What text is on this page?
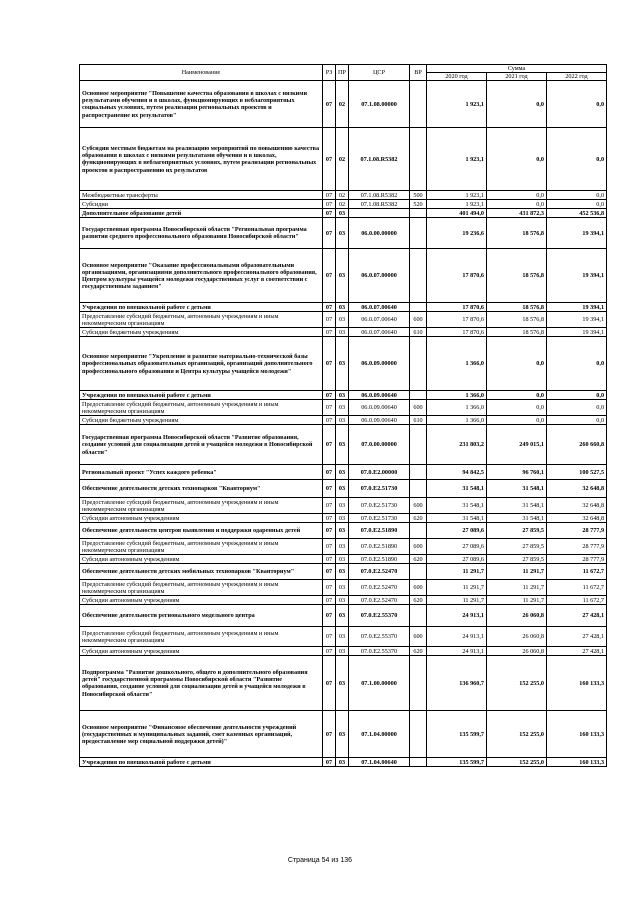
Наименование	РЗ	ПР	ЦСР	ВР	Сумма		
					2020 год	2021 год	2022 год
Основное мероприятие "Повышение качества образования в школах с низкими результатами обучения и в школах, функционирующих в неблагоприятных социальных условиях, путем реализации региональных проектов и распространение их результатов"	07	02	07.1.08.00000		1 923,1	0,0	0,0
Субсидии местным бюджетам на реализацию мероприятий по повышению качества образования в школах с низкими результатами обучения и в школах, функционирующих в неблагоприятных условиях, путем реализации региональных проектов и распространению их результатов	07	02	07.1.08.R5382		1 923,1	0,0	0,0
Межбюджетные трансферты	07	02	07.1.08.R5382	500	1 923,1	0,0	0,0
Субсидии	07	02	07.1.08.R5382	520	1 923,1	0,0	0,0
Дополнительное образование детей	07	03			401 494,0	431 872,3	452 536,8
Государственная программа Новосибирской области "Региональная программа развития среднего профессионального образования Новосибирской области"	07	03	06.0.00.00000		19 236,6	18 576,8	19 394,1
Основное мероприятие "Оказание профессиональными образовательными организациями, организациями дополнительного профессионального образования, Центром культуры учащейся молодежи государственных услуг в соответствии с государственным заданием"	07	03	06.0.07.00000		17 870,6	18 576,8	19 394,1
Учреждения по внешкольной работе с детьми	07	03	06.0.07.00640		17 870,6	18 576,8	19 394,1
Предоставление субсидий бюджетным, автономным учреждениям и иным некоммерческим организациям	07	03	06.0.07.00640	600	17 870,6	18 576,8	19 394,1
Субсидии бюджетным учреждениям	07	03	06.0.07.00640	610	17 870,6	18 576,8	19 394,1
Основное мероприятие "Укрепление и развитие материально-технической базы профессиональных образовательных организаций, организаций дополнительного профессионального образования и Центра культуры учащейся молодежи"	07	03	06.0.09.00000		1 366,0	0,0	0,0
Учреждения по внешкольной работе с детьми	07	03	06.0.09.00640		1 366,0	0,0	0,0
Предоставление субсидий бюджетным, автономным учреждениям и иным некоммерческим организациям	07	03	06.0.09.00640	600	1 366,0	0,0	0,0
Субсидии бюджетным учреждениям	07	03	06.0.09.00640	610	1 366,0	0,0	0,0
Государственная программа Новосибирской области "Развитие образования, создание условий для социализации детей и учащейся молодежи в Новосибирской области"	07	03	07.0.00.00000		231 803,2	249 015,1	260 660,8
Региональный проект "Успех каждого ребенка"	07	03	07.0.E2.00000		94 842,5	96 760,1	100 527,5
Обеспечение деятельности детских технопарков "Кванториум"	07	03	07.0.E2.51730		31 548,1	31 548,1	32 648,8
Предоставление субсидий бюджетным, автономным учреждениям и иным некоммерческим организациям	07	03	07.0.E2.51730	600	31 548,1	31 548,1	32 648,8
Субсидии автономным учреждениям	07	03	07.0.E2.51730	620	31 548,1	31 548,1	32 648,8
Обеспечение деятельности центров выявления и поддержки одаренных детей	07	03	07.0.E2.51890		27 089,6	27 859,5	28 777,9
Предоставление субсидий бюджетным, автономным учреждениям и иным некоммерческим организациям	07	03	07.0.E2.51890	600	27 089,6	27 859,5	28 777,9
Субсидии автономным учреждениям	07	03	07.0.E2.51890	620	27 089,6	27 859,5	28 777,9
Обеспечение деятельности детских мобильных технопарков "Кванториум"	07	03	07.0.E2.52470		11 291,7	11 291,7	11 672,7
Предоставление субсидий бюджетным, автономным учреждениям и иным некоммерческим организациям	07	03	07.0.E2.52470	600	11 291,7	11 291,7	11 672,7
Субсидии автономным учреждениям	07	03	07.0.E2.52470	620	11 291,7	11 291,7	11 672,7
Обеспечение деятельности регионального модельного центра	07	03	07.0.E2.55370		24 913,1	26 060,8	27 428,1
Предоставление субсидий бюджетным, автономным учреждениям и иным некоммерческим организациям	07	03	07.0.E2.55370	600	24 913,1	26 060,8	27 428,1
Субсидии автономным учреждениям	07	03	07.0.E2.55370	620	24 913,1	26 060,8	27 428,1
Подпрограмма "Развитие дошкольного, общего и дополнительного образования детей" государственной программы Новосибирской области "Развитие образования, создание условий для социализации детей и учащейся молодежи в Новосибирской области"	07	03	07.1.00.00000		136 960,7	152 255,0	160 133,3
Основное мероприятие "Финансовое обеспечение деятельности учреждений (государственных и муниципальных заданий, смет казенных организаций, предоставление мер социальной поддержки детей)"	07	03	07.1.04.00000		135 599,7	152 255,0	160 133,3
Учреждения по внешкольной работе с детьми	07	03	07.1.04.00640		135 599,7	152 255,0	160 133,3
Страница 54 из 136
